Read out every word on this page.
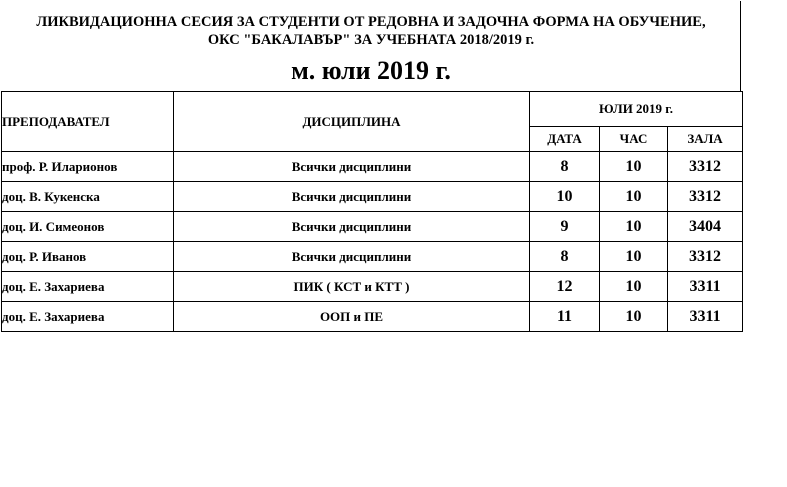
ЛИКВИДАЦИОННА СЕСИЯ ЗА СТУДЕНТИ ОТ РЕДОВНА И ЗАДОЧНА ФОРМА НА ОБУЧЕНИЕ,
ОКС "БАКАЛАВЪР" ЗА УЧЕБНАТА 2018/2019 г.
м. юли 2019 г.
ПРЕПОДАВАТЕЛ	ДИСЦИПЛИНА	ЮЛИ 2019 г.		
		ДАТА	ЧАС	ЗАЛА
проф. Р. Иларионов	Всички дисциплини	8	10	3312
доц. В. Кукенска	Всички дисциплини	10	10	3312
доц. И. Симеонов	Всички дисциплини	9	10	3404
доц. Р. Иванов	Всички дисциплини	8	10	3312
доц. Е. Захариева	ПИК ( КСТ и КТТ )	12	10	3311
доц. Е. Захариева	ООП и ПЕ	11	10	3311
